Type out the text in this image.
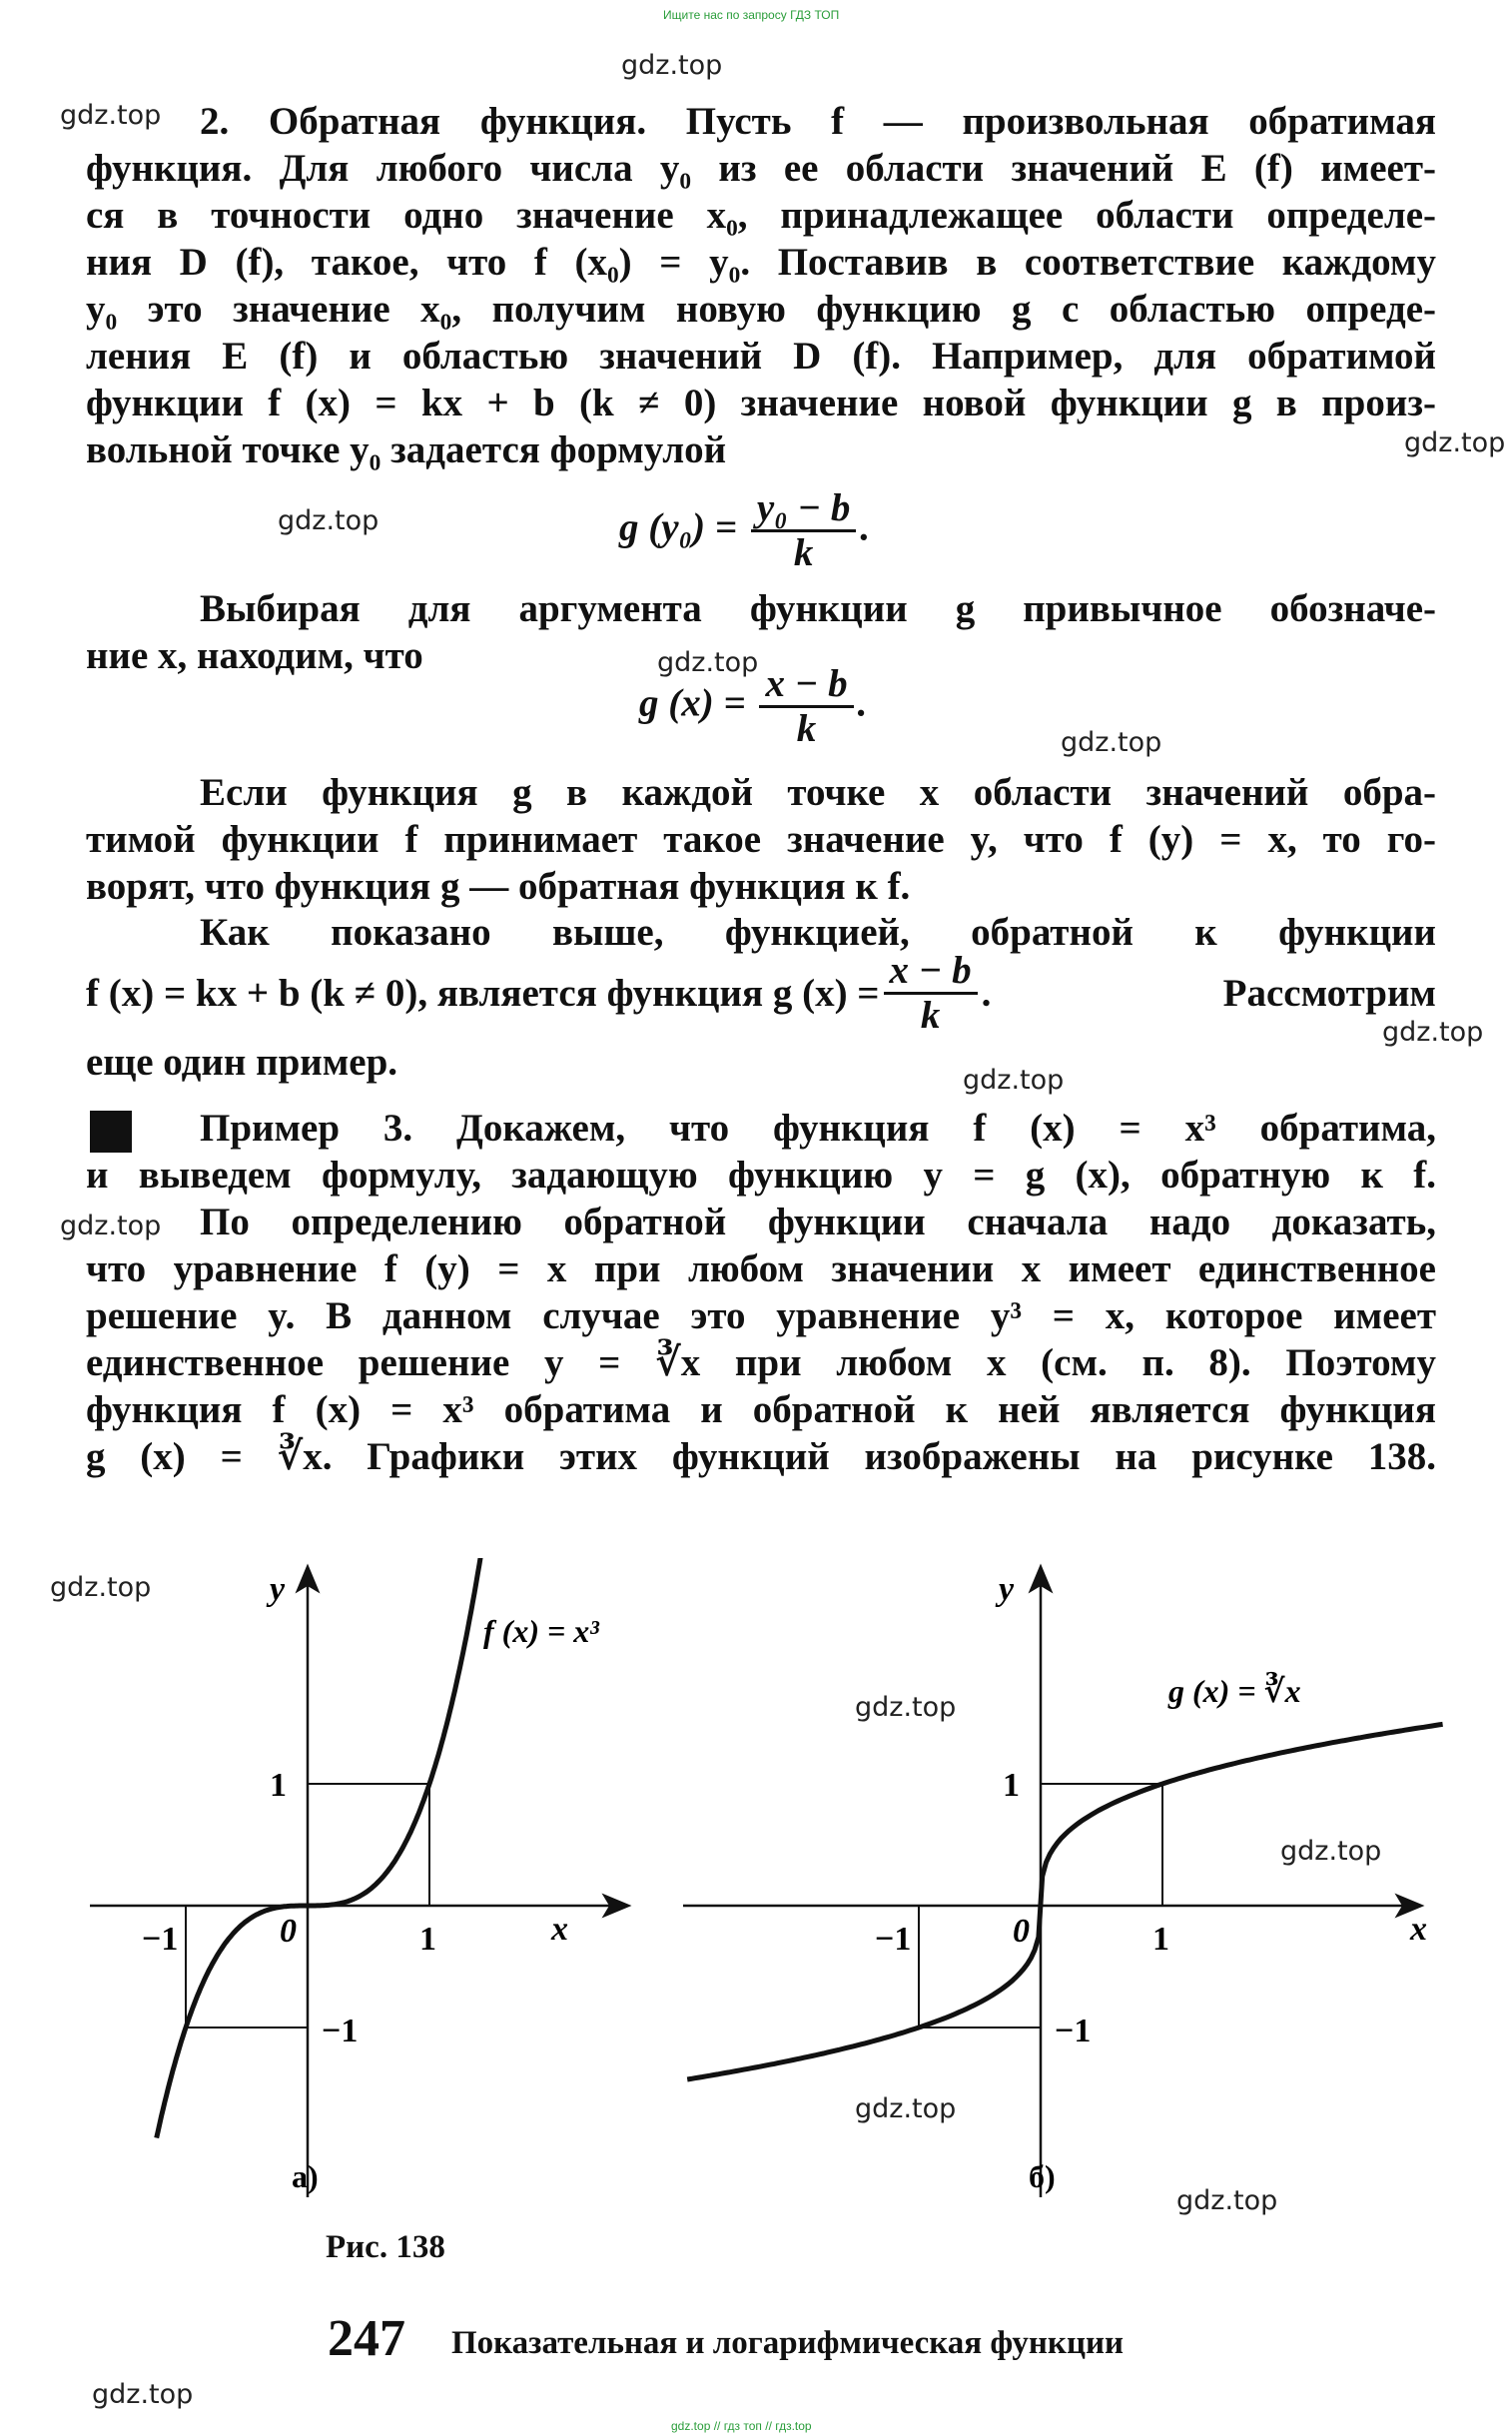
Ищите нас по запросу ГДЗ ТОП
gdz.top
gdz.top
gdz.top
gdz.top
gdz.top
gdz.top
gdz.top
gdz.top
gdz.top
gdz.top
gdz.top
gdz.top
gdz.top
gdz.top
gdz.top
2. Обратная функция. Пусть f — произвольная обратимая
функция. Для любого числа y₀ из ее области значений E (f) имеет-
ся в точности одно значение x₀, принадлежащее области определе-
ния D (f), такое, что f (x₀) = y₀. Поставив в соответствие каждому
y₀ это значение x₀, получим новую функцию g с областью опреде-
ления E (f) и областью значений D (f). Например, для обратимой
функции f (x) = kx + b (k ≠ 0) значение новой функции g в произ-
вольной точке y₀ задается формулой
g $(y_0) = \frac{\text{y₀ − b}}{k}$ .
Выбирая для аргумента функции g привычное обозначе-
ние x, находим, что
g $(x) = \frac{x - b}{k}$ .
Если функция g в каждой точке x области значений обра-
тимой функции f принимает такое значение y, что f (y) = x, то го-
ворят, что функция g — обратная функция к f.
Как показано выше, функцией, обратной к функции
f (x) = kx + b (k ≠ 0), является функция g $(x) = \frac{x - b}{k}$ .	Рассмотрим
еще один пример.
Пример 3. Докажем, что функция f (x) = x³ обратима,
и выведем формулу, задающую функцию y = g (x), обратную к f.
По определению обратной функции сначала надо доказать,
что уравнение f (y) = x при любом значении x имеет единственное
решение y. В данном случае это уравнение y³ = x, которое имеет
единственное решение y = ∛x при любом x (см. п. 8). Поэтому
функция f (x) = x³ обратима и обратной к ней является функция
g (x) = ∛x. Графики этих функций изображены на рисунке 138.
y
x
0	1
−1
1
−1
f (x) = x³
а)
y
x
0	1
−1
1
−1
g (x) = ∛x
б)
Рис. 138
247 Показательная и логарифмическая функции
gdz.top // гдз топ // гдз.top
